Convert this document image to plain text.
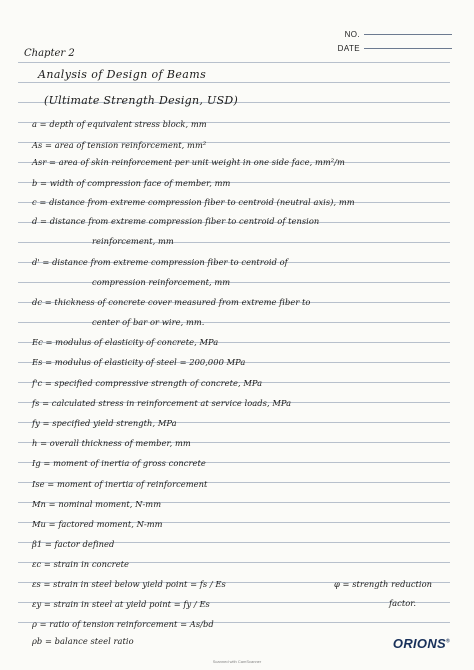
NO.
DATE
Chapter 2
Analysis of Design of Beams
(Ultimate Strength Design, USD)
a = depth of equivalent stress block, mm
As = area of tension reinforcement, mm²
Asr = area of skin reinforcement per unit weight in one side face, mm²/m
b = width of compression face of member, mm
c = distance from extreme compression fiber to centroid (neutral axis), mm
d = distance from extreme compression fiber to centroid of tension
reinforcement, mm
d' = distance from extreme compression fiber to centroid of
compression reinforcement, mm
dc = thickness of concrete cover measured from extreme fiber to
center of bar or wire, mm.
Ec = modulus of elasticity of concrete, MPa
Es = modulus of elasticity of steel = 200,000 MPa
f'c = specified compressive strength of concrete, MPa
fs = calculated stress in reinforcement at service loads, MPa
fy = specified yield strength, MPa
h = overall thickness of member, mm
Ig = moment of inertia of gross concrete
Ise = moment of inertia of reinforcement
Mn = nominal moment, N-mm
Mu = factored moment, N-mm
β1 = factor defined
εc = strain in concrete
εs = strain in steel below yield point = fs / Es
εy = strain in steel at yield point = fy / Es
ρ = ratio of tension reinforcement = As/bd
ρb = balance steel ratio
φ = strength reduction
factor.
ORIONS®
Scanned with CamScanner
